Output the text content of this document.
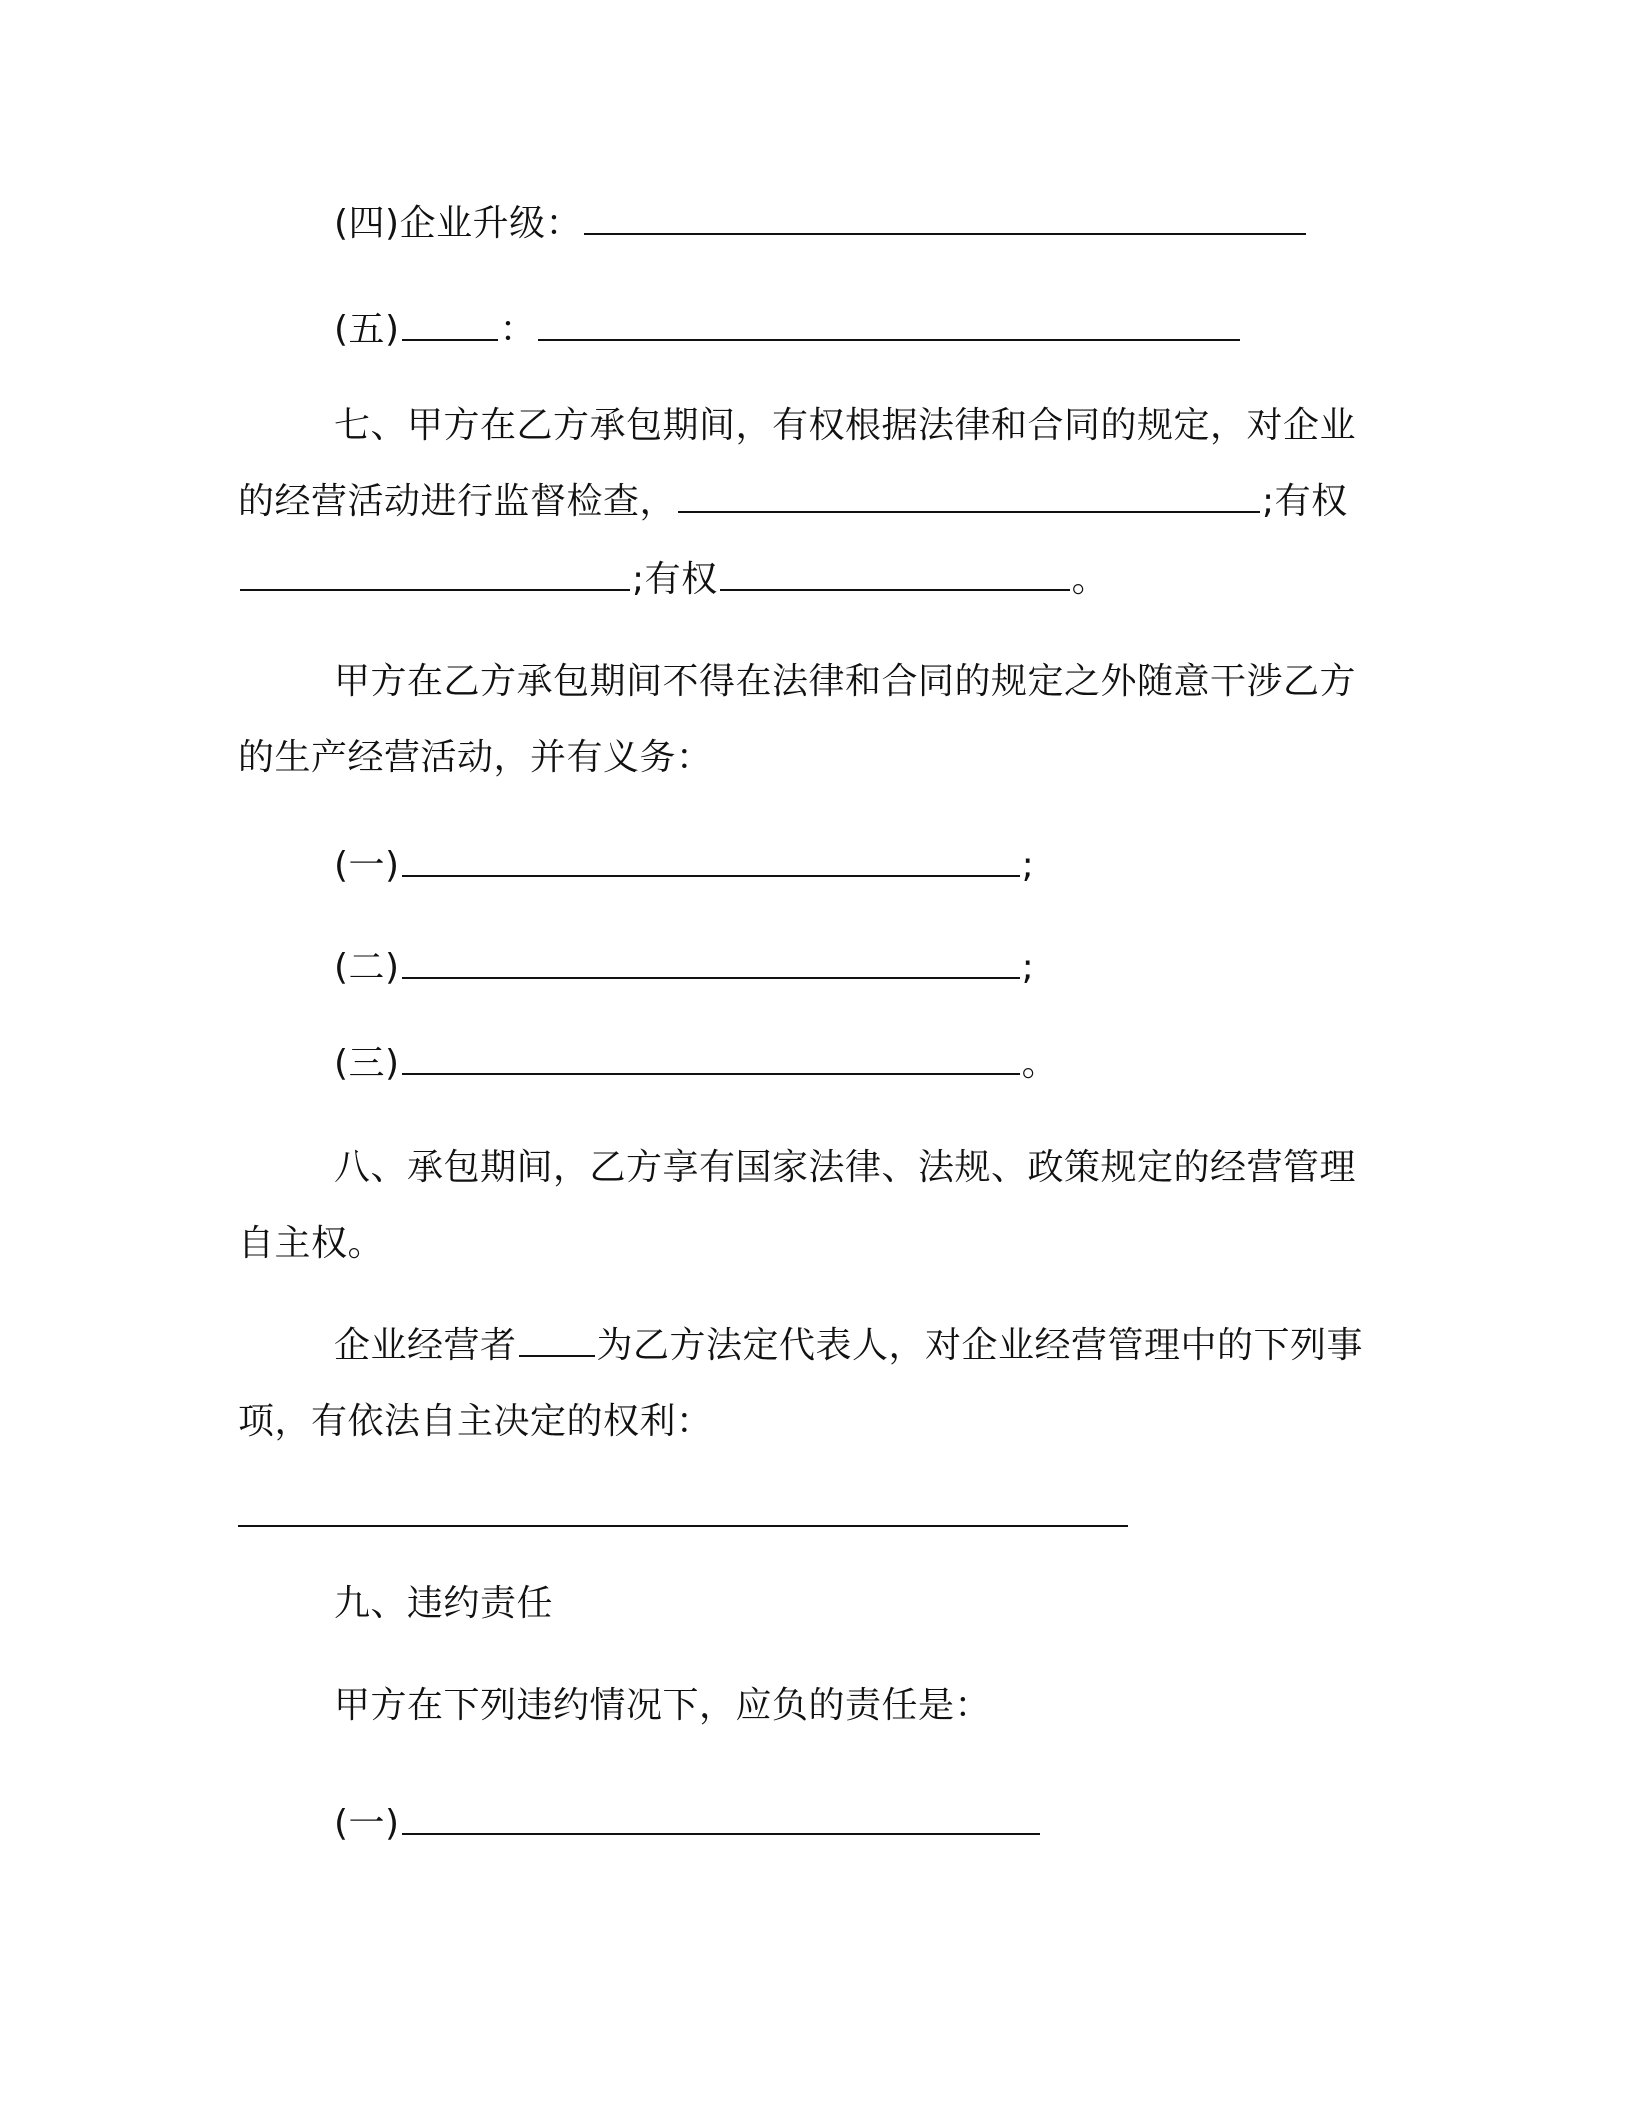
(四)企业升级：
(五)	：
七、甲方在乙方承包期间，有权根据法律和合同的规定，对企业
的经营活动进行监督检查，	;有权
;有权	。
甲方在乙方承包期间不得在法律和合同的规定之外随意干涉乙方
的生产经营活动，并有义务：
(一)	;
(二)	;
(三)	。
八、承包期间，乙方享有国家法律、法规、政策规定的经营管理
自主权。
企业经营者 为乙方法定代表人，对企业经营管理中的下列事
项，有依法自主决定的权利：
九、违约责任
甲方在下列违约情况下，应负的责任是：
(一)
